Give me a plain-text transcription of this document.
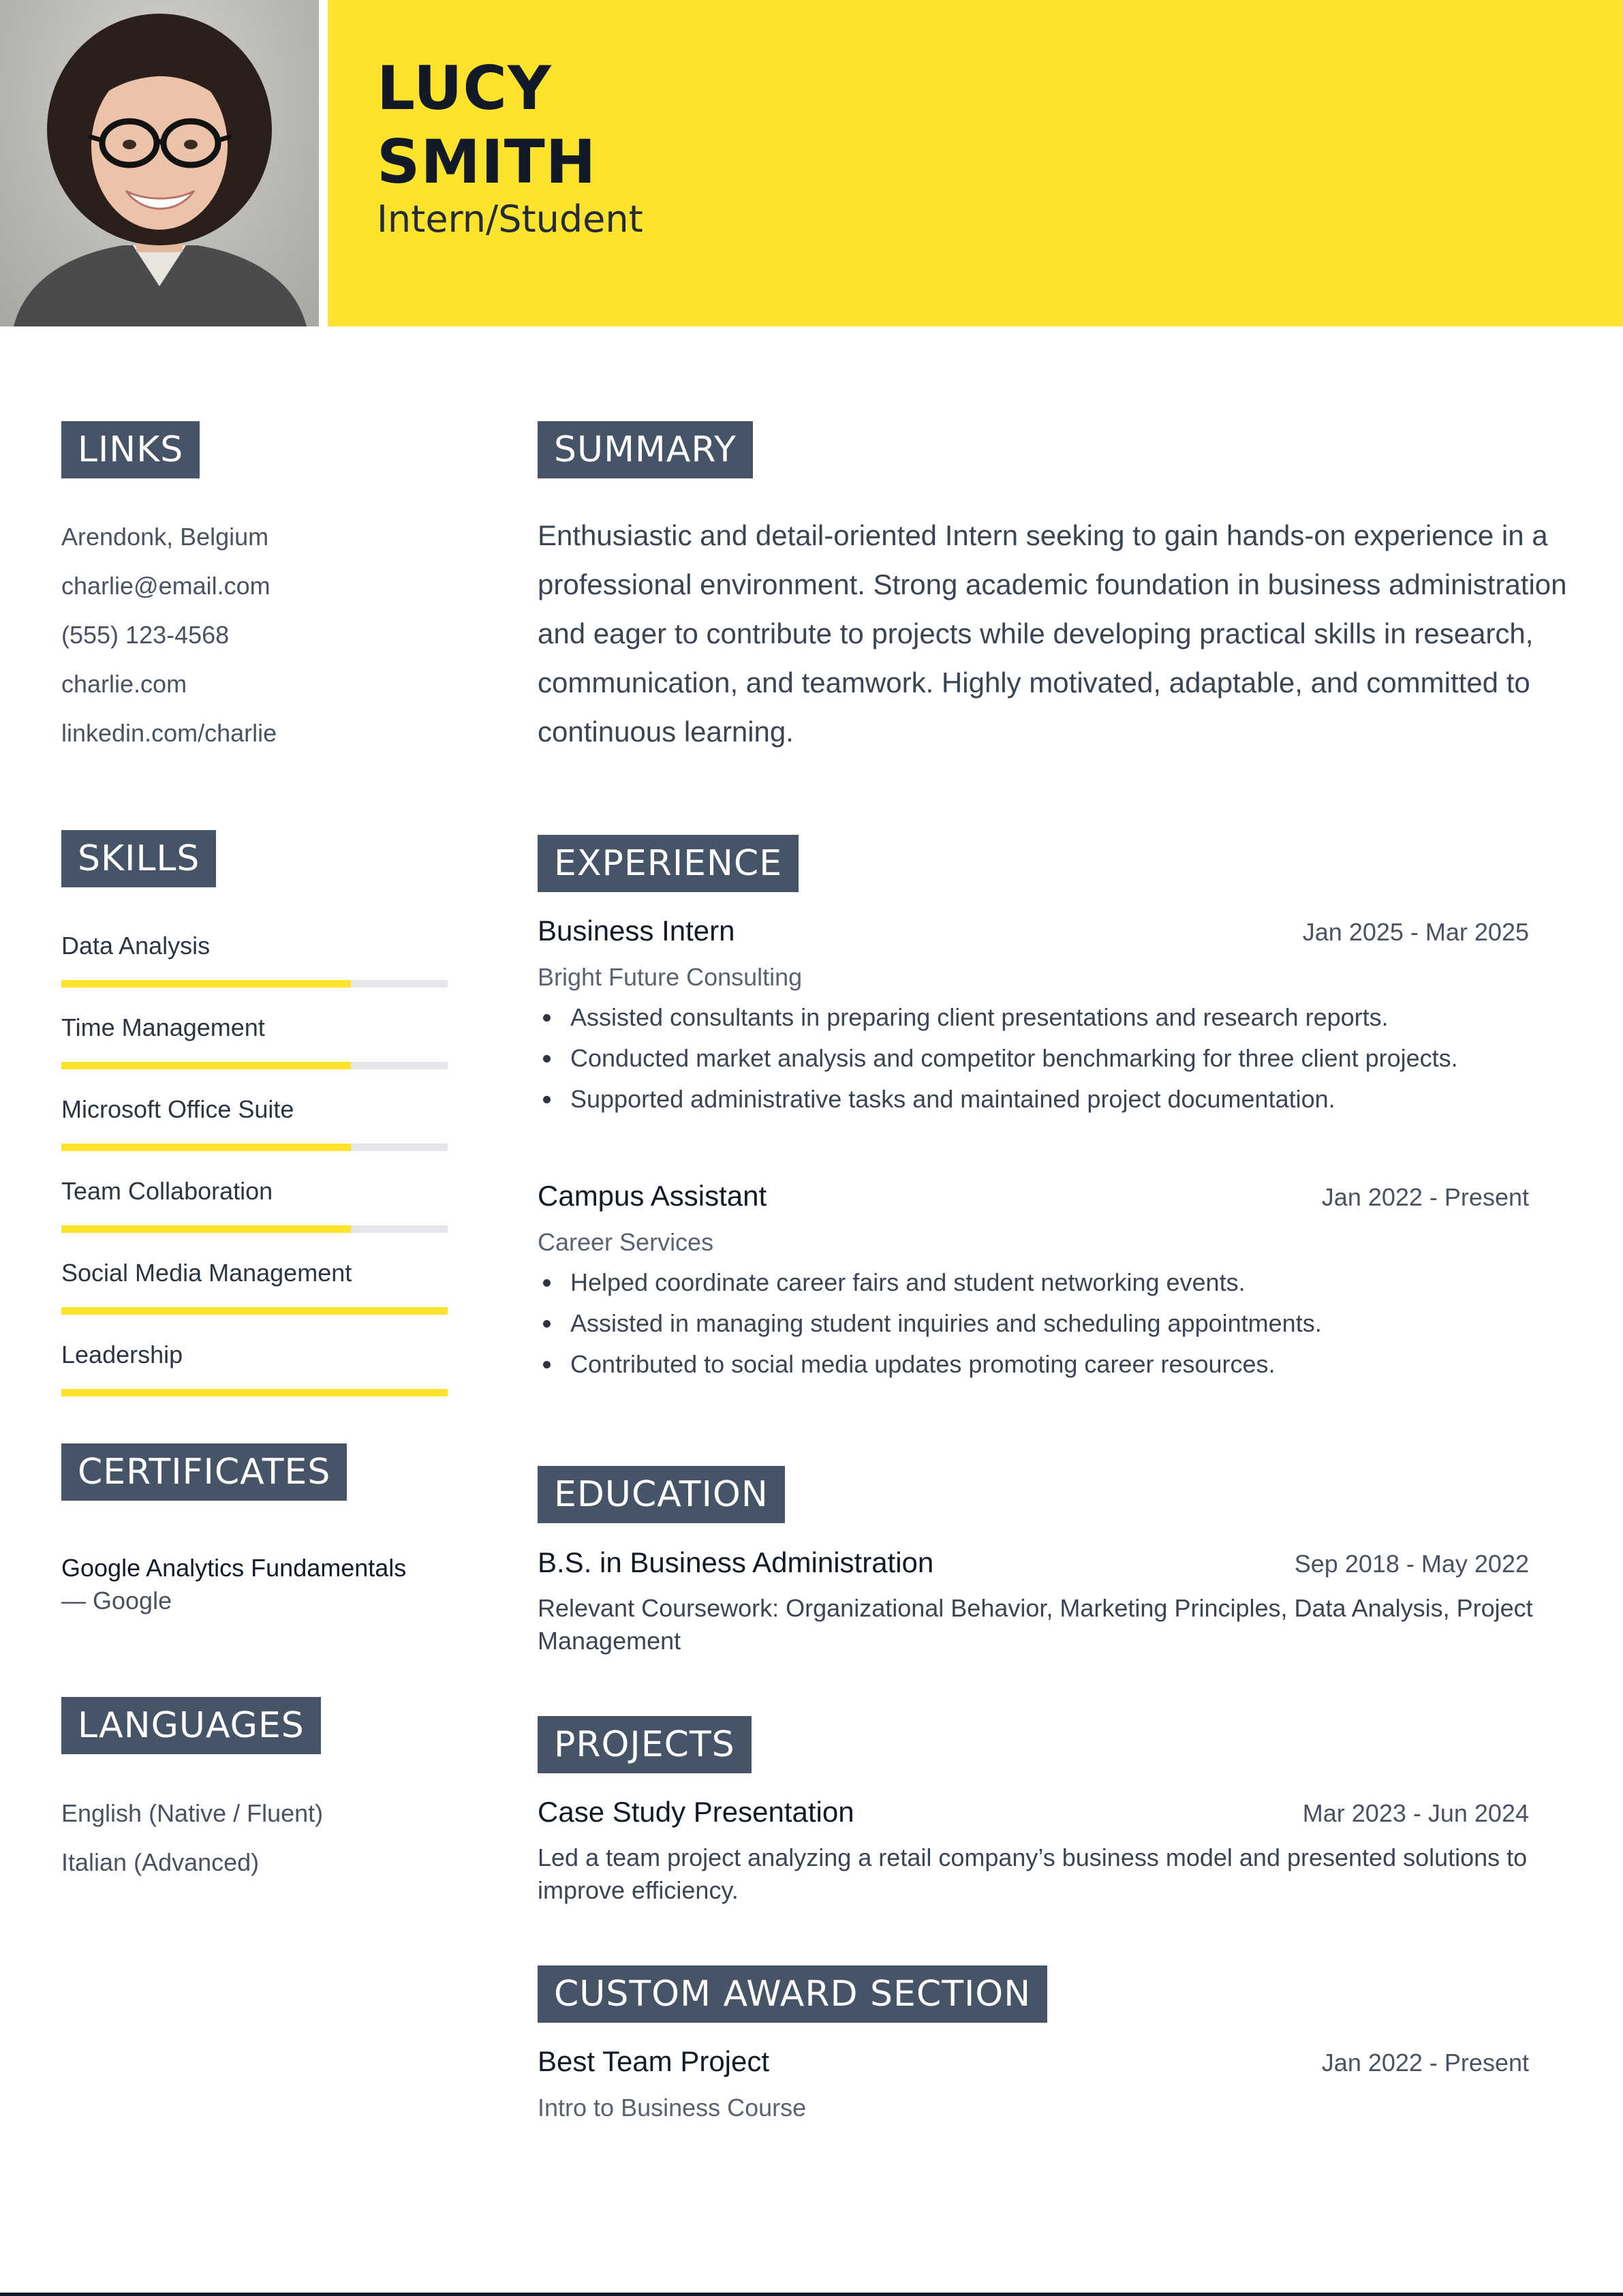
LUCY
SMITH
Intern/Student
LINKS
Arendonk, Belgium
charlie@email.com
(555) 123-4568
charlie.com
linkedin.com/charlie
SKILLS
Data Analysis
Time Management
Microsoft Office Suite
Team Collaboration
Social Media Management
Leadership
CERTIFICATES
Google Analytics Fundamentals
— Google
LANGUAGES
English (Native / Fluent)
Italian (Advanced)
SUMMARY
Enthusiastic and detail-oriented Intern seeking to gain hands-on experience in a professional environment. Strong academic foundation in business administration and eager to contribute to projects while developing practical skills in research, communication, and teamwork. Highly motivated, adaptable, and committed to continuous learning.
EXPERIENCE
Business Intern	Jan 2025 - Mar 2025
Bright Future Consulting
Assisted consultants in preparing client presentations and research reports.
Conducted market analysis and competitor benchmarking for three client projects.
Supported administrative tasks and maintained project documentation.
Campus Assistant	Jan 2022 - Present
Career Services
Helped coordinate career fairs and student networking events.
Assisted in managing student inquiries and scheduling appointments.
Contributed to social media updates promoting career resources.
EDUCATION
B.S. in Business Administration	Sep 2018 - May 2022
Relevant Coursework: Organizational Behavior, Marketing Principles, Data Analysis, Project Management
PROJECTS
Case Study Presentation	Mar 2023 - Jun 2024
Led a team project analyzing a retail company’s business model and presented solutions to improve efficiency.
CUSTOM AWARD SECTION
Best Team Project	Jan 2022 - Present
Intro to Business Course
